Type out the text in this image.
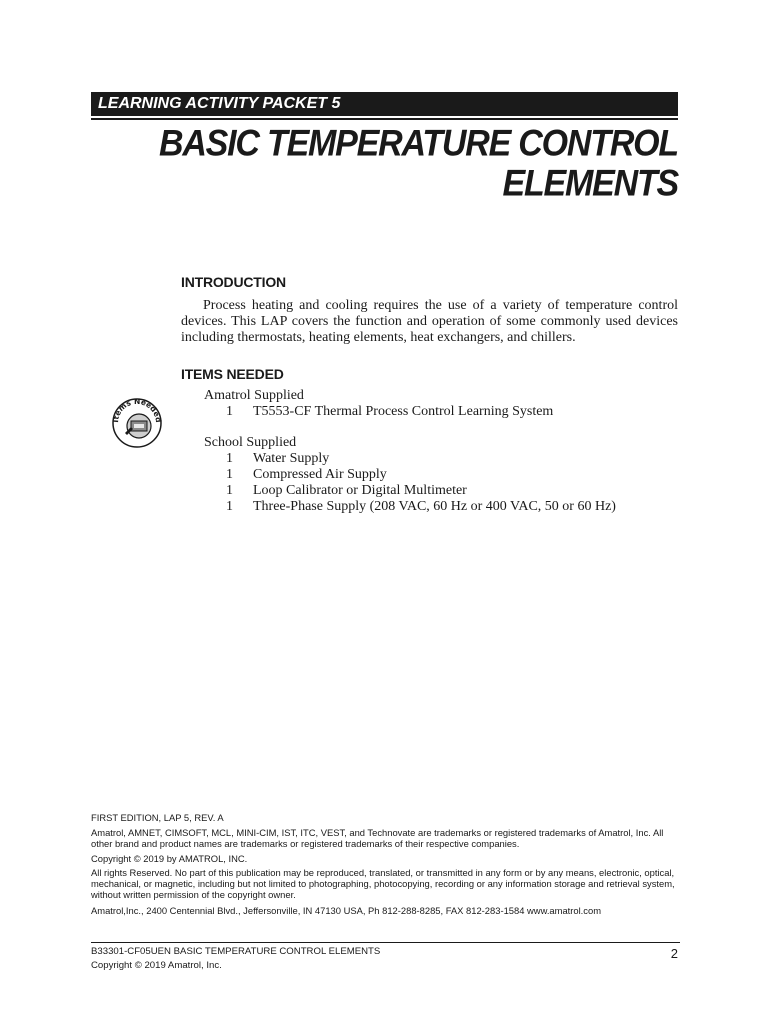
LEARNING ACTIVITY PACKET 5
BASIC TEMPERATURE CONTROL
ELEMENTS
INTRODUCTION

Process heating and cooling requires the use of a variety of temperature control devices. This LAP covers the function and operation of some commonly used devices including thermostats, heating elements, heat exchangers, and chillers.

ITEMS NEEDED
Items Needed
Amatrol Supplied
1 T5553-CF Thermal Process Control Learning System
School Supplied
1 Water Supply
1 Compressed Air Supply
1 Loop Calibrator or Digital Multimeter
1 Three-Phase Supply (208 VAC, 60 Hz or 400 VAC, 50 or 60 Hz)

FIRST EDITION, LAP 5, REV. A

Amatrol, AMNET, CIMSOFT, MCL, MINI-CIM, IST, ITC, VEST, and Technovate are trademarks or registered trademarks of Amatrol, Inc. All other brand and product names are trademarks or registered trademarks of their respective companies.

Copyright © 2019 by AMATROL, INC.

All rights Reserved. No part of this publication may be reproduced, translated, or transmitted in any form or by any means, electronic, optical, mechanical, or magnetic, including but not limited to photographing, photocopying, recording or any information storage and retrieval system, without written permission of the copyright owner.

Amatrol,Inc., 2400 Centennial Blvd., Jeffersonville, IN 47130 USA, Ph 812-288-8285, FAX 812-283-1584 www.amatrol.com

B33301-CF05UEN BASIC TEMPERATURE CONTROL ELEMENTS
Copyright © 2019 Amatrol, Inc.
2
